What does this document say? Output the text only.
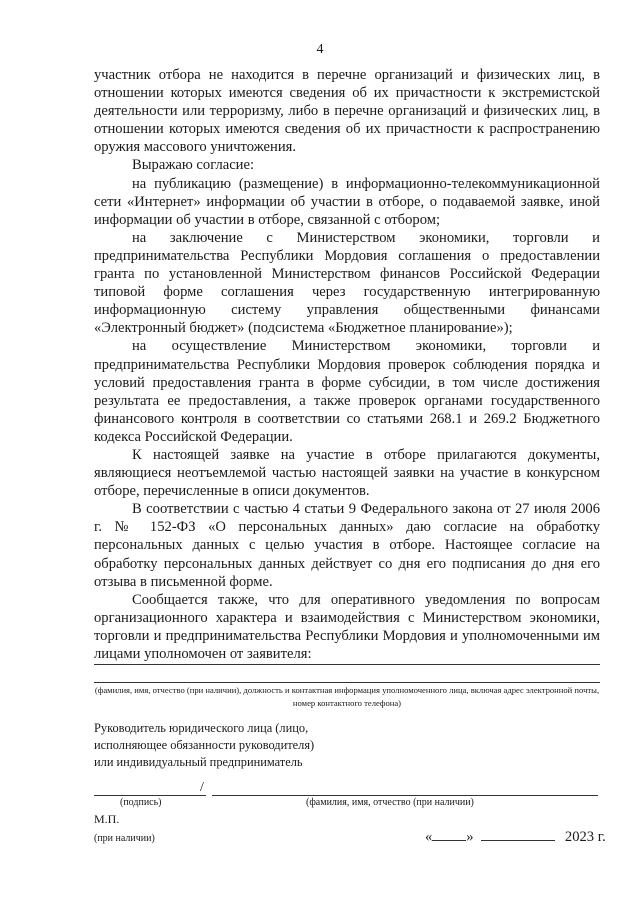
4

участник отбора не находится в перечне организаций и физических лиц, в отношении которых имеются сведения об их причастности к экстремистской деятельности или терроризму, либо в перечне организаций и физических лиц, в отношении которых имеются сведения об их причастности к распространению оружия массового уничтожения.

Выражаю согласие:

на публикацию (размещение) в информационно-телекоммуникационной сети «Интернет» информации об участии в отборе, о подаваемой заявке, иной информации об участии в отборе, связанной с отбором;

на заключение с Министерством экономики, торговли и предпринимательства Республики Мордовия соглашения о предоставлении гранта по установленной Министерством финансов Российской Федерации типовой форме соглашения через государственную интегрированную информационную систему управления общественными финансами «Электронный бюджет» (подсистема «Бюджетное планирование»);

на осуществление Министерством экономики, торговли и предпринимательства Республики Мордовия проверок соблюдения порядка и условий предоставления гранта в форме субсидии, в том числе достижения результата ее предоставления, а также проверок органами государственного финансового контроля в соответствии со статьями 268.1 и 269.2 Бюджетного кодекса Российской Федерации.

К настоящей заявке на участие в отборе прилагаются документы, являющиеся неотъемлемой частью настоящей заявки на участие в конкурсном отборе, перечисленные в описи документов.

В соответствии с частью 4 статьи 9 Федерального закона от 27 июля 2006 г. № 152-ФЗ «О персональных данных» даю согласие на обработку персональных данных с целью участия в отборе. Настоящее согласие на обработку персональных данных действует со дня его подписания до дня его отзыва в письменной форме.

Сообщается также, что для оперативного уведомления по вопросам организационного характера и взаимодействия с Министерством экономики, торговли и предпринимательства Республики Мордовия и уполномоченными им лицами уполномочен от заявителя:

(фамилия, имя, отчество (при наличии), должность и контактная информация уполномоченного лица, включая адрес электронной почты, номер контактного телефона)
Руководитель юридического лица (лицо, исполняющее обязанности руководителя) или индивидуальный предприниматель
/
(подпись)	(фамилия, имя, отчество (при наличии)
М.П.
(при наличии)	« »	2023 г.
